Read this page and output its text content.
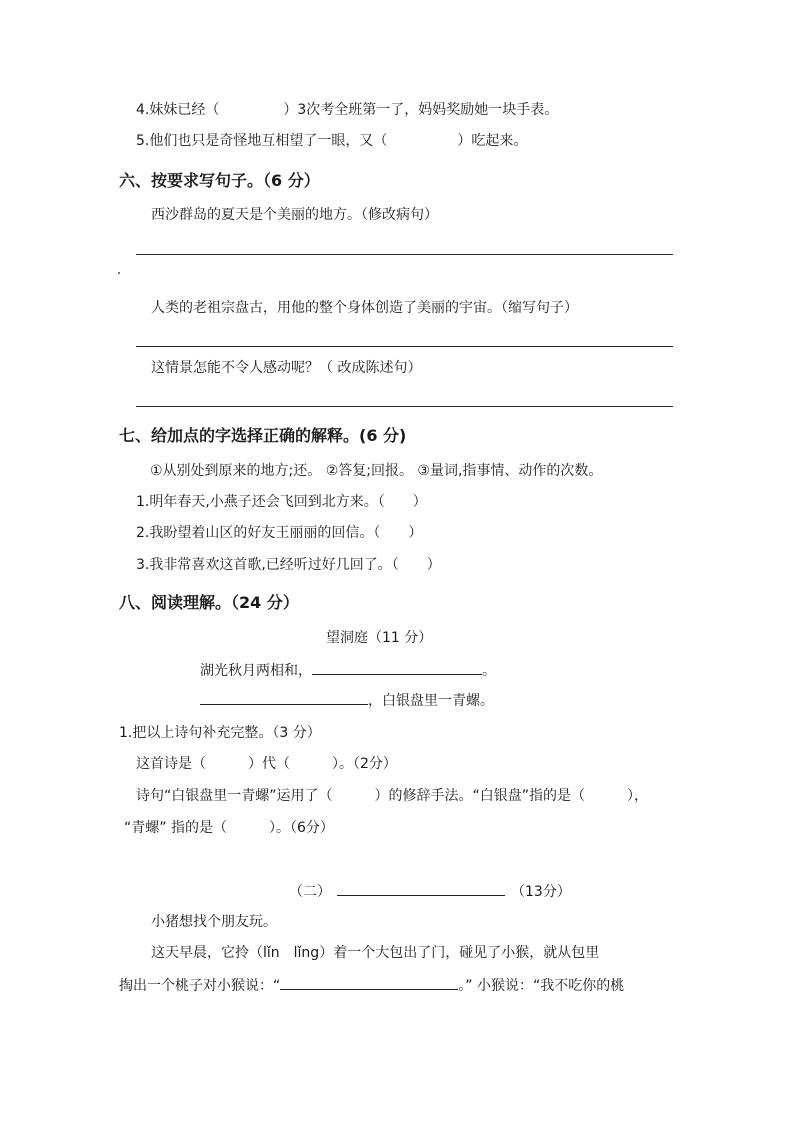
4.妹妹已经（	）3次考全班第一了，妈妈奖励她一块手表。
5.他们也只是奇怪地互相望了一眼，又（	）吃起来。
六、按要求写句子。（6 分）
西沙群岛的夏天是个美丽的地方。（修改病句）
人类的老祖宗盘古，用他的整个身体创造了美丽的宇宙。（缩写句子）
这情景怎能不令人感动呢？（ 改成陈述句）
七、给加点的字选择正确的解释。(6 分)
①从别处到原来的地方;还。 ②答复;回报。 ③量词,指事情、动作的次数。
1.明年春天,小燕子还会飞回到北方来。（　　）
2.我盼望着山区的好友王丽丽的回信。（　　）
3.我非常喜欢这首歌,已经听过好几回了。（　　）
八、阅读理解。（24 分）
望洞庭（11 分）
湖光秋月两相和，	。
，白银盘里一青螺。
1.把以上诗句补充完整。（3 分）
这首诗是（　　　）代（　　　）。（2分）
诗句“白银盘里一青螺”运用了（　　　）的修辞手法。“白银盘”指的是（　　　），
“青螺” 指的是（　　　）。（6分）
（二）	（13分）
小猪想找个朋友玩。
这天早晨，它拎（lǐn　lǐng）着一个大包出了门，碰见了小猴，就从包里
掏出一个桃子对小猴说：“	。” 小猴说：“我不吃你的桃
